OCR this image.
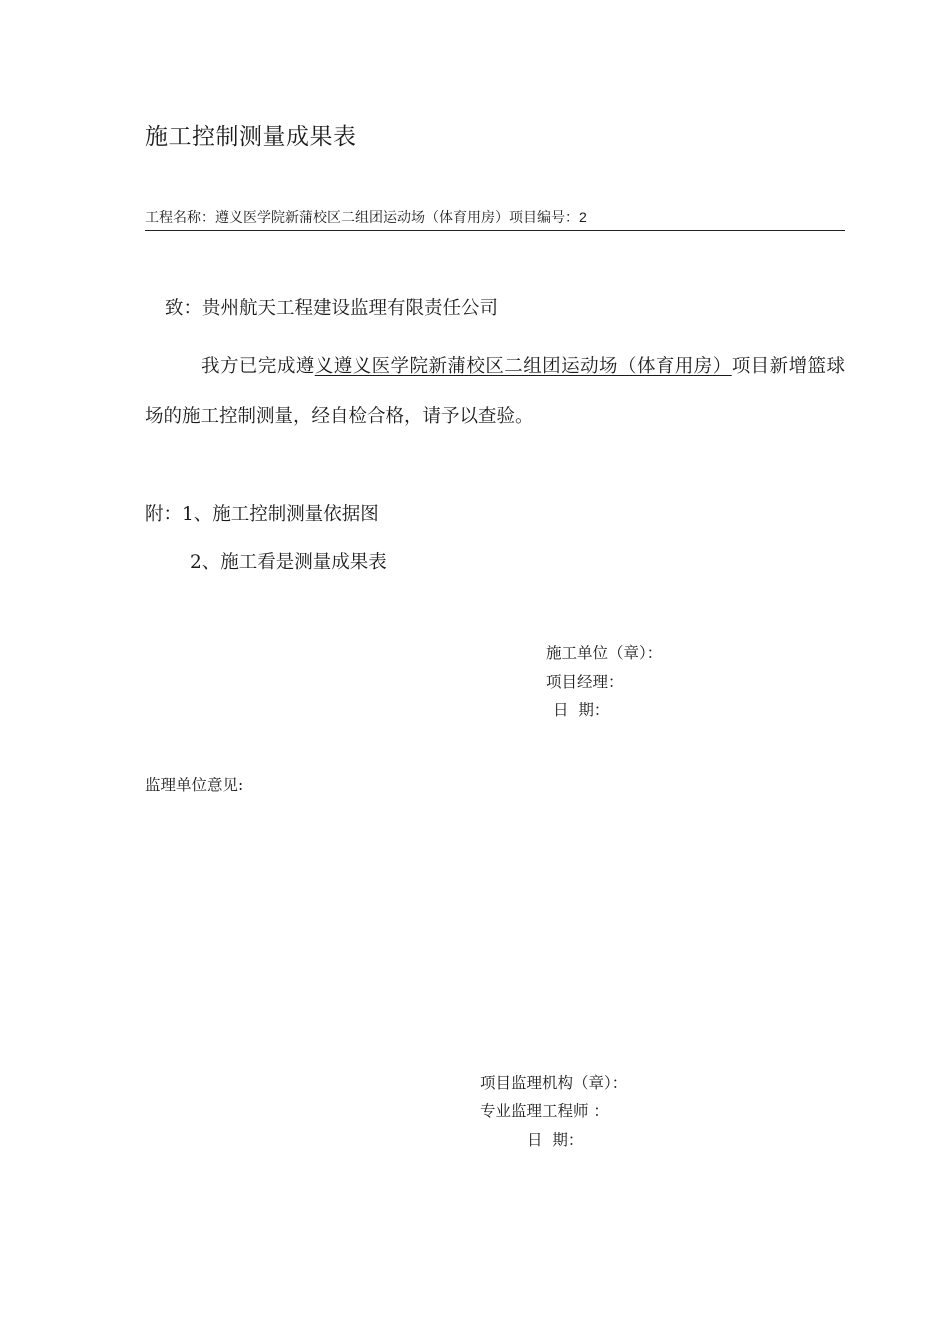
施工控制测量成果表
工程名称：遵义医学院新蒲校区二组团运动场（体育用房）项目编号：2
致：贵州航天工程建设监理有限责任公司
我方已完成遵义遵义医学院新蒲校区二组团运动场（体育用房）项目新增篮球场的施工控制测量，经自检合格，请予以查验。
附：1、施工控制测量依据图
2、施工看是测量成果表
施工单位（章）：
项目经理：
日  期：
监理单位意见:
项目监理机构（章）：
专业监理工程师 ：
日  期：
